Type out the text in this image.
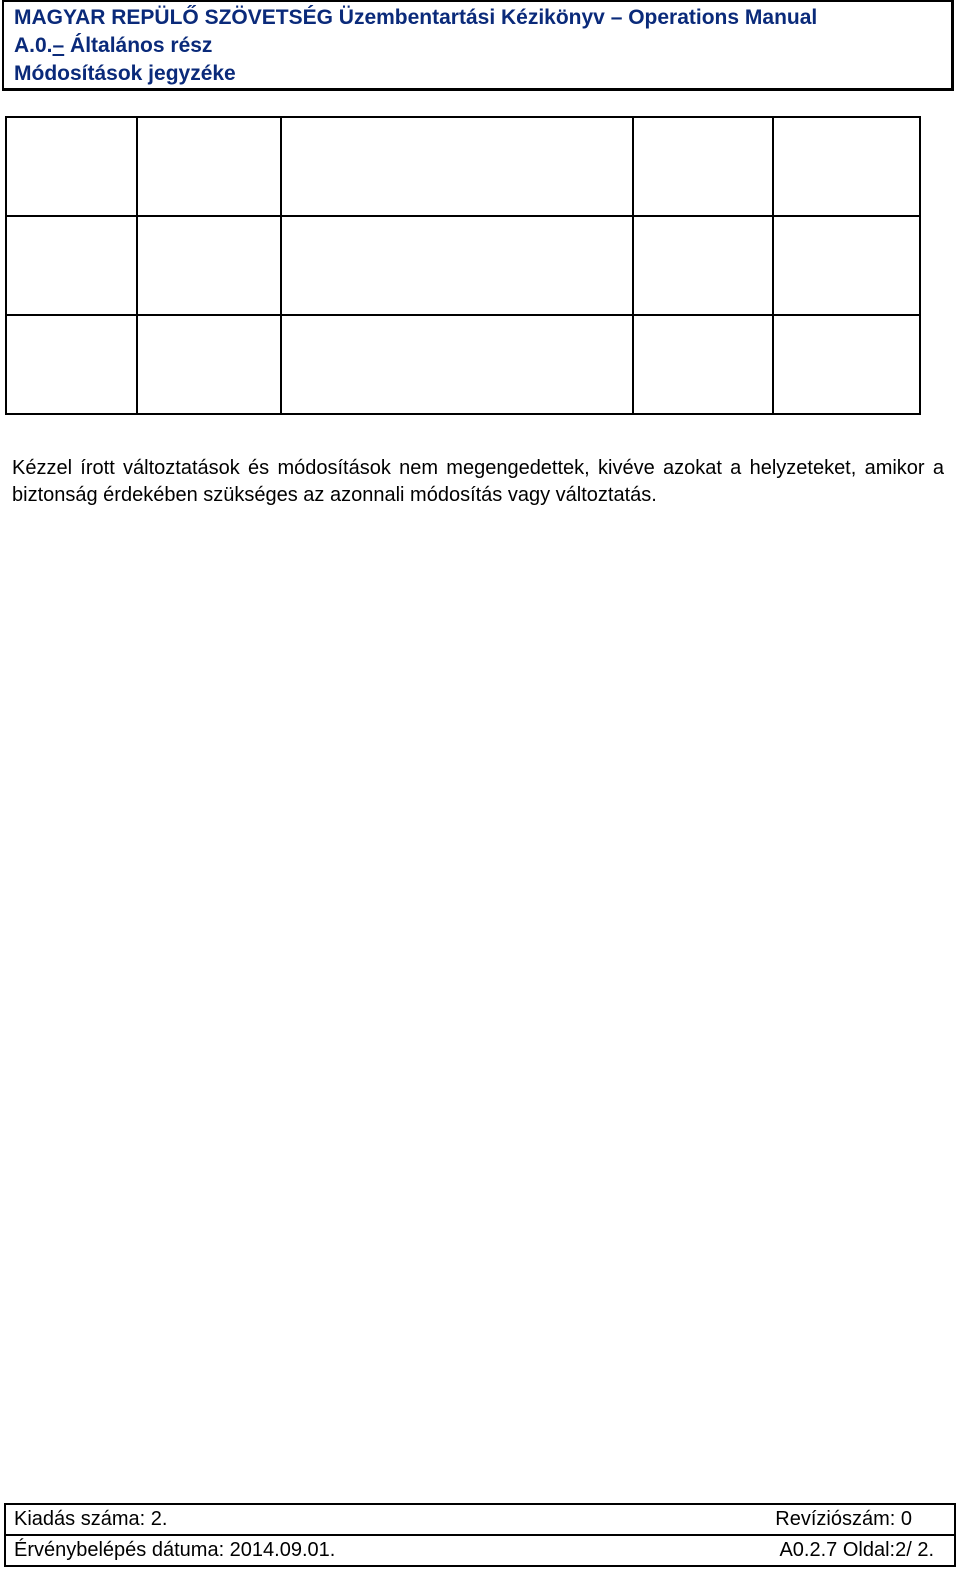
MAGYAR REPÜLŐ SZÖVETSÉG Üzembentartási Kézikönyv – Operations Manual
A.0.– Általános rész
Módosítások jegyzéke

Kézzel írott változtatások és módosítások nem megengedettek, kivéve azokat a helyzeteket, amikor a biztonság érdekében szükséges az azonnali módosítás vagy változtatás.
Kiadás száma: 2.	Revíziószám: 0
Érvénybelépés dátuma: 2014.09.01.	A0.2.7 Oldal:2/ 2.
